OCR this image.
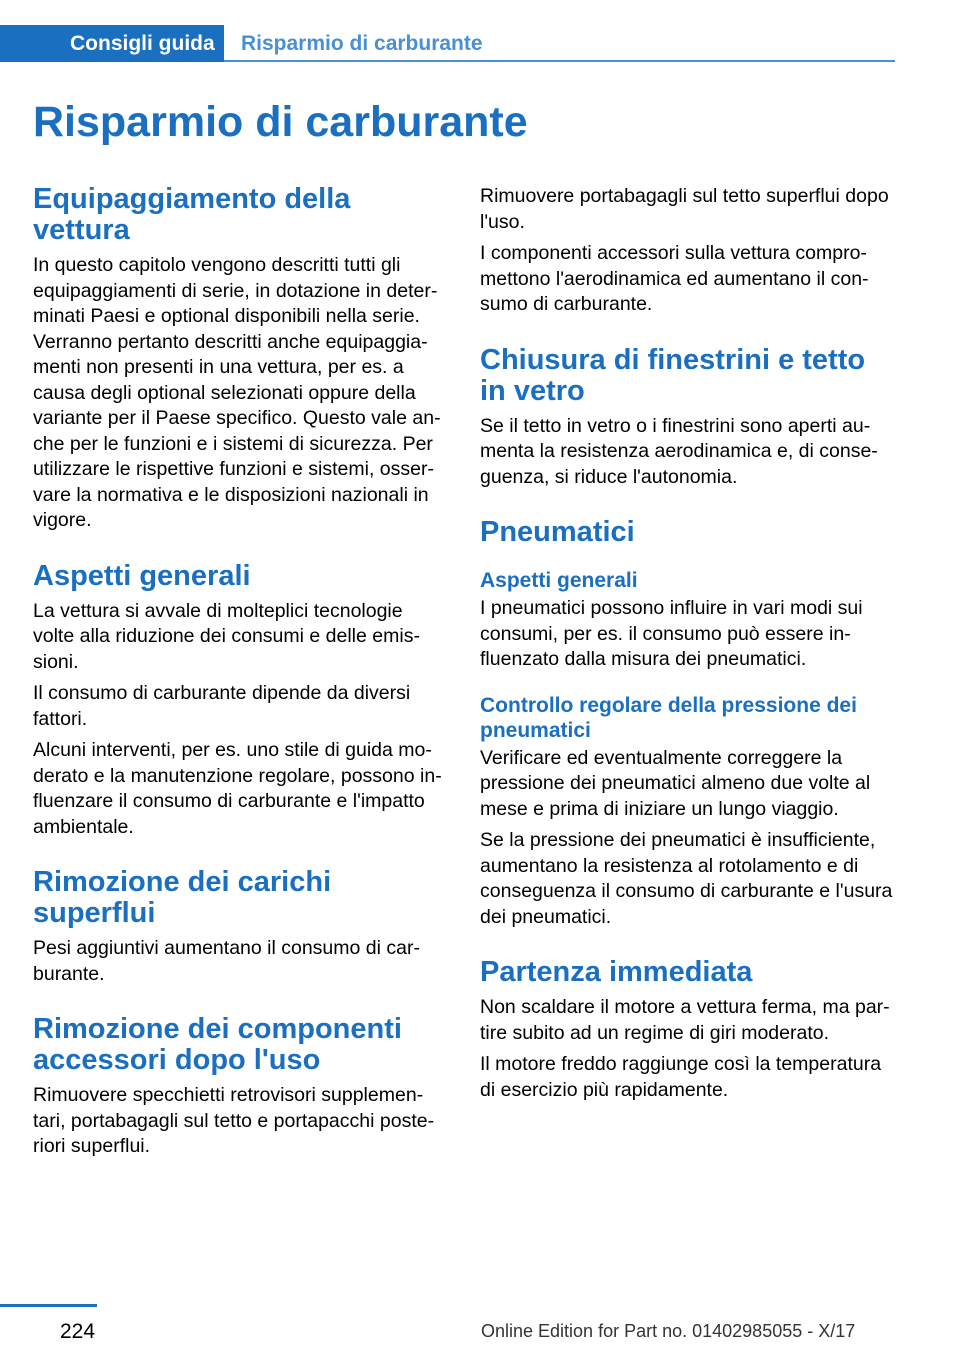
Consigli guida	Risparmio di carburante
Risparmio di carburante
Equipaggiamento della vettura

In questo capitolo vengono descritti tutti gli equipaggiamenti di serie, in dotazione in determinati Paesi e optional disponibili nella serie. Verranno pertanto descritti anche equipaggiamenti non presenti in una vettura, per es. a causa degli optional selezionati oppure della variante per il Paese specifico. Questo vale anche per le funzioni e i sistemi di sicurezza. Per utilizzare le rispettive funzioni e sistemi, osservare la normativa e le disposizioni nazionali in vigore.

Aspetti generali

La vettura si avvale di molteplici tecnologie volte alla riduzione dei consumi e delle emissioni.

Il consumo di carburante dipende da diversi fattori.

Alcuni interventi, per es. uno stile di guida moderato e la manutenzione regolare, possono influenzare il consumo di carburante e l'impatto ambientale.

Rimozione dei carichi superflui

Pesi aggiuntivi aumentano il consumo di carburante.

Rimozione dei componenti accessori dopo l'uso

Rimuovere specchietti retrovisori supplementari, portabagagli sul tetto e portapacchi posteriori superflui.

Rimuovere portabagagli sul tetto superflui dopo l'uso.

I componenti accessori sulla vettura compromettono l'aerodinamica ed aumentano il consumo di carburante.

Chiusura di finestrini e tetto in vetro

Se il tetto in vetro o i finestrini sono aperti aumenta la resistenza aerodinamica e, di conseguenza, si riduce l'autonomia.

Pneumatici
Aspetti generali

I pneumatici possono influire in vari modi sui consumi, per es. il consumo può essere influenzato dalla misura dei pneumatici.

Controllo regolare della pressione dei pneumatici

Verificare ed eventualmente correggere la pressione dei pneumatici almeno due volte al mese e prima di iniziare un lungo viaggio.

Se la pressione dei pneumatici è insufficiente, aumentano la resistenza al rotolamento e di conseguenza il consumo di carburante e l'usura dei pneumatici.

Partenza immediata

Non scaldare il motore a vettura ferma, ma partire subito ad un regime di giri moderato.

Il motore freddo raggiunge così la temperatura di esercizio più rapidamente.

224	Online Edition for Part no. 01402985055 - X/17
